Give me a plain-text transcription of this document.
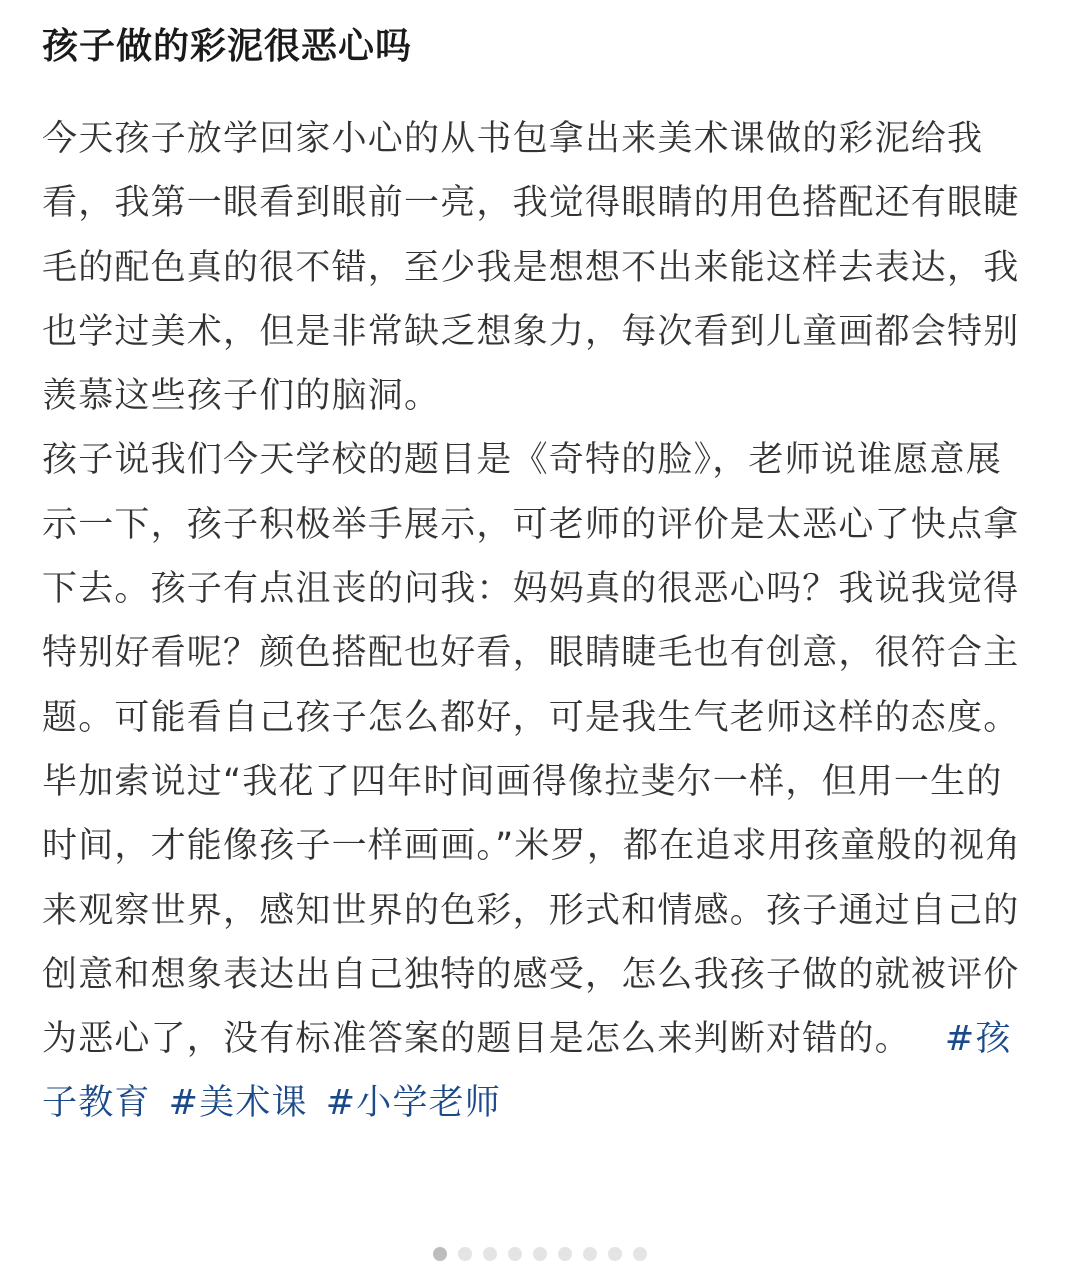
孩子做的彩泥很恶心吗

今天孩子放学回家小心的从书包拿出来美术课做的彩泥给我看，我第一眼看到眼前一亮，我觉得眼睛的用色搭配还有眼睫毛的配色真的很不错，至少我是想想不出来能这样去表达，我也学过美术，但是非常缺乏想象力，每次看到儿童画都会特别羡慕这些孩子们的脑洞。

孩子说我们今天学校的题目是《奇特的脸》，老师说谁愿意展示一下，孩子积极举手展示，可老师的评价是太恶心了快点拿下去。孩子有点沮丧的问我：妈妈真的很恶心吗？我说我觉得特别好看呢？颜色搭配也好看，眼睛睫毛也有创意，很符合主题。可能看自己孩子怎么都好，可是我生气老师这样的态度。

毕加索说过“我花了四年时间画得像拉斐尔一样，但用一生的时间，才能像孩子一样画画。”米罗，都在追求用孩童般的视角来观察世界，感知世界的色彩，形式和情感。孩子通过自己的创意和想象表达出自己独特的感受，怎么我孩子做的就被评价为恶心了，没有标准答案的题目是怎么来判断对错的。 #孩子教育 #美术课 #小学老师
